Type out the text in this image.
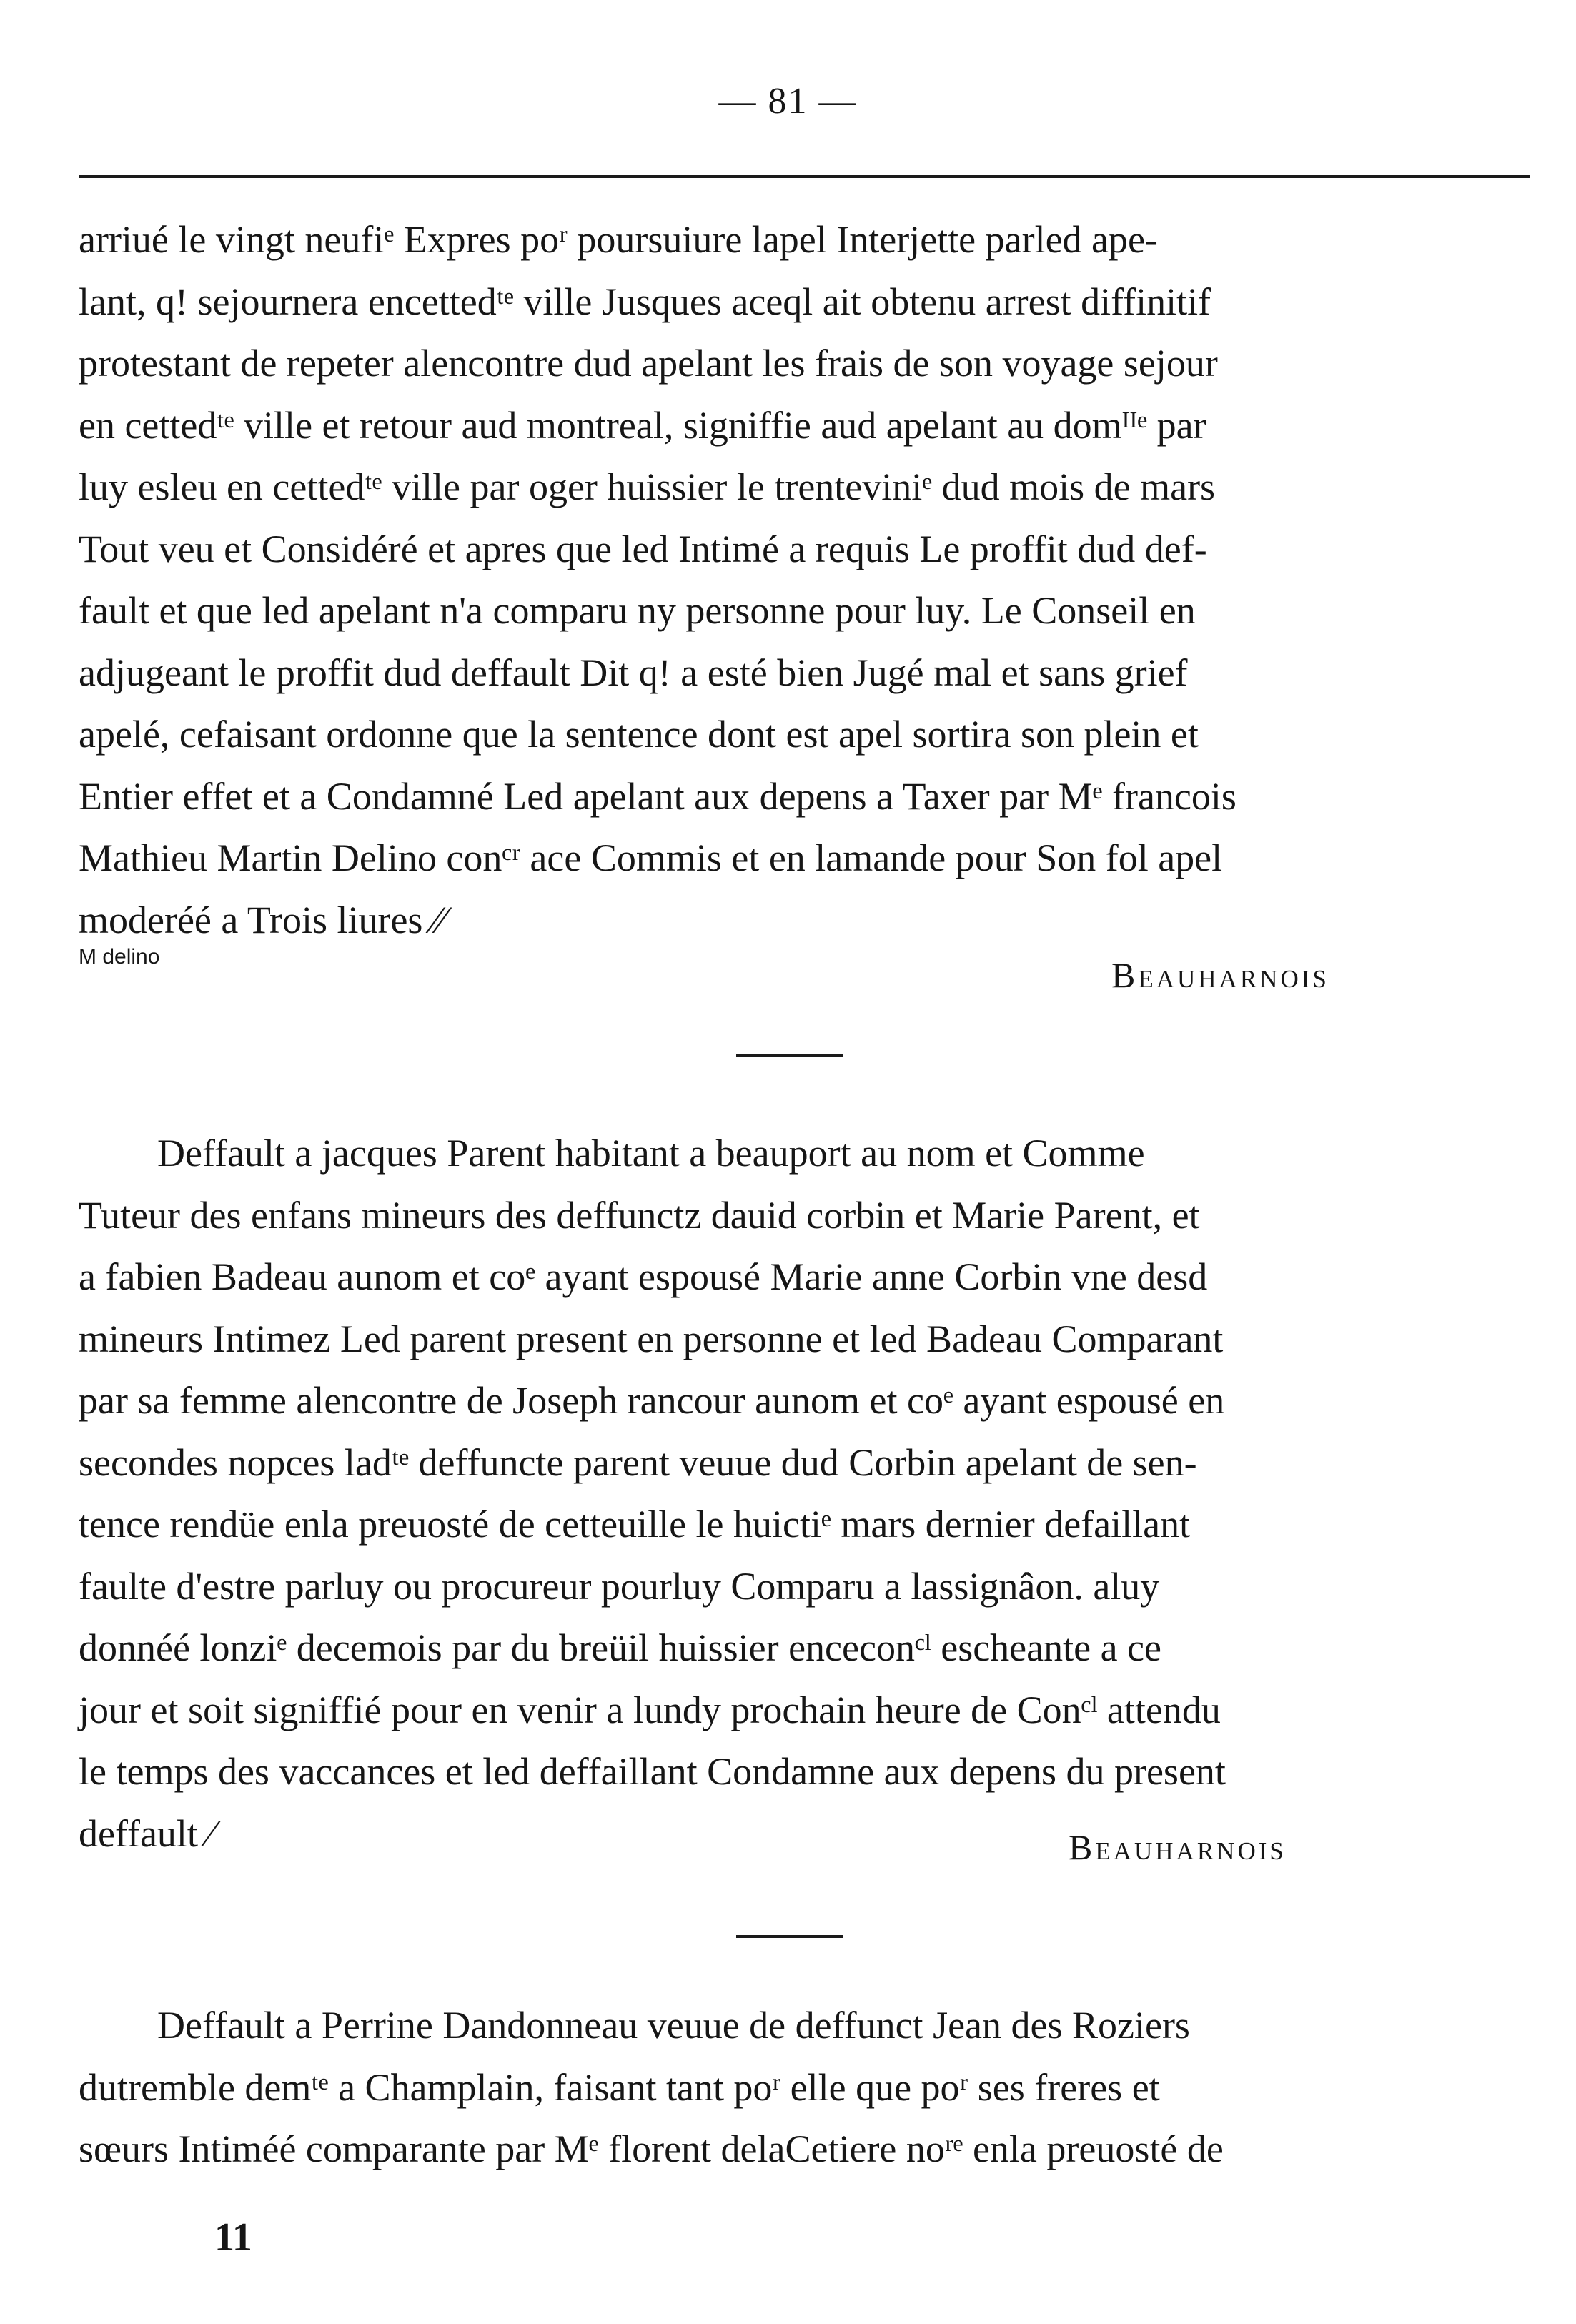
— 81 —
arriué le vingt neufiᵉ Expres poʳ poursuiure lapel Interjette parled ape-
lant, q! sejournera encettedᵗᵉ ville Jusques aceql ait obtenu arrest diffinitif
protestant de repeter alencontre dud apelant les frais de son voyage sejour
en cettedᵗᵉ ville et retour aud montreal, signiffie aud apelant au domᴵᴵᵉ par
luy esleu en cettedᵗᵉ ville par oger huissier le trenteviniᵉ dud mois de mars
Tout veu et Considéré et apres que led Intimé a requis Le proffit dud def-
fault et que led apelant n'a comparu ny personne pour luy. Le Conseil en
adjugeant le proffit dud deffault Dit q! a esté bien Jugé mal et sans grief
apelé, cefaisant ordonne que la sentence dont est apel sortira son plein et
Entier effet et a Condamné Led apelant aux depens a Taxer par Mᵉ francois
Mathieu Martin Delino conᶜʳ ace Commis et en lamande pour Son fol apel
moderéé a Trois liures ⁄⁄
M delino	Beauharnois
Deffault a jacques Parent habitant a beauport au nom et Comme
Tuteur des enfans mineurs des deffunctz dauid corbin et Marie Parent, et
a fabien Badeau aunom et coᵉ ayant espousé Marie anne Corbin vne desd
mineurs Intimez Led parent present en personne et led Badeau Comparant
par sa femme alencontre de Joseph rancour aunom et coᵉ ayant espousé en
secondes nopces ladᵗᵉ deffuncte parent veuue dud Corbin apelant de sen-
tence rendüe enla preuosté de cetteuille le huictiᵉ mars dernier defaillant
faulte d'estre parluy ou procureur pourluy Comparu a lassignâon. aluy
donnéé lonziᵉ decemois par du breüil huissier enceconᶜˡ escheante a ce
jour et soit signiffié pour en venir a lundy prochain heure de Conᶜˡ attendu
le temps des vaccances et led deffaillant Condamne aux depens du present
deffault ⁄	Beauharnois
Deffault a Perrine Dandonneau veuue de deffunct Jean des Roziers
dutremble demᵗᵉ a Champlain, faisant tant poʳ elle que poʳ ses freres et
sœurs Intiméé comparante par Mᵉ florent delaCetiere noʳᵉ enla preuosté de
11
